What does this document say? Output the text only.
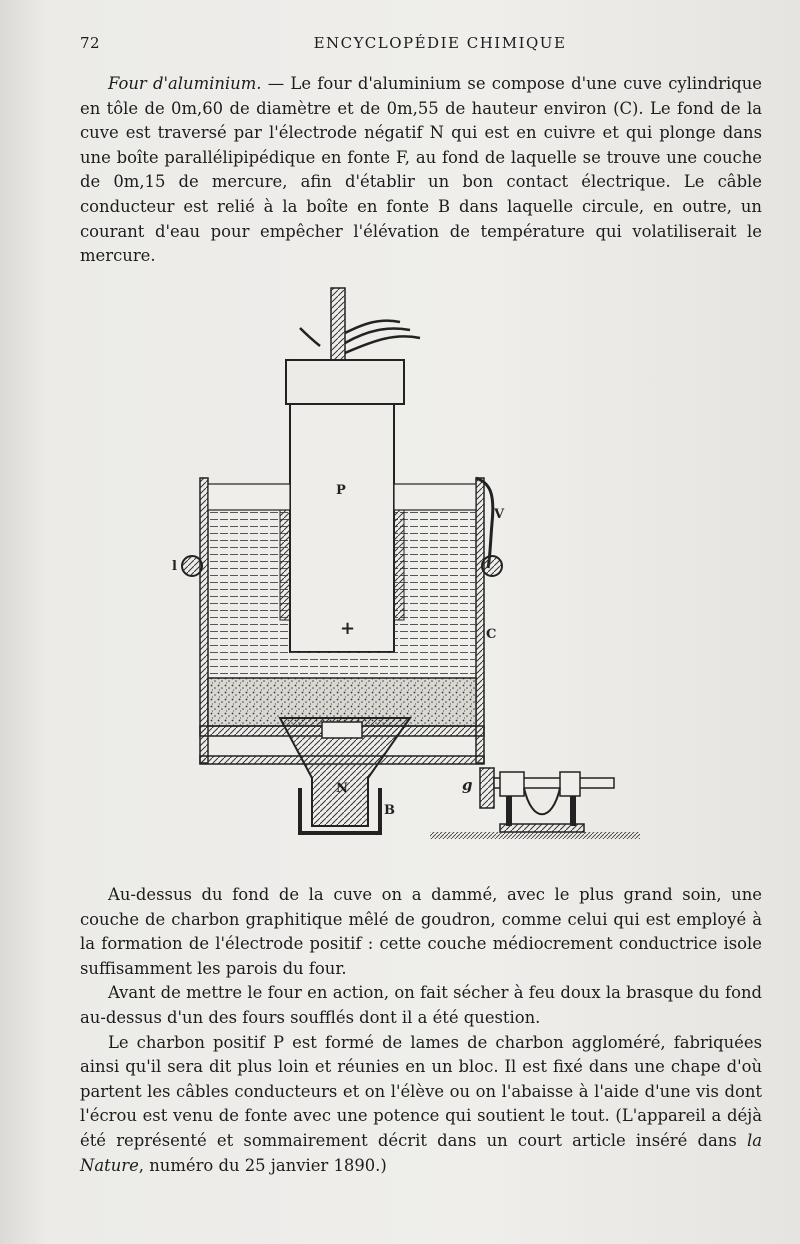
72	ENCYCLOPÉDIE CHIMIQUE

Four d'aluminium. — Le four d'aluminium se compose d'une cuve cylindrique en tôle de 0m,60 de diamètre et de 0m,55 de hauteur environ (C). Le fond de la cuve est traversé par l'électrode négatif N qui est en cuivre et qui plonge dans une boîte parallélipipédique en fonte F, au fond de laquelle se trouve une couche de 0m,15 de mercure, afin d'établir un bon contact électrique. Le câble conducteur est relié à la boîte en fonte B dans laquelle circule, en outre, un courant d'eau pour empêcher l'élévation de température qui volatiliserait le mercure.

P
V
l
+	C
N
B
g

Au-dessus du fond de la cuve on a dammé, avec le plus grand soin, une couche de charbon graphitique mêlé de goudron, comme celui qui est employé à la formation de l'électrode positif : cette couche médiocrement conductrice isole suffisamment les parois du four.

Avant de mettre le four en action, on fait sécher à feu doux la brasque du fond au-dessus d'un des fours soufflés dont il a été question.

Le charbon positif P est formé de lames de charbon aggloméré, fabriquées ainsi qu'il sera dit plus loin et réunies en un bloc. Il est fixé dans une chape d'où partent les câbles conducteurs et on l'élève ou on l'abaisse à l'aide d'une vis dont l'écrou est venu de fonte avec une potence qui soutient le tout. (L'appareil a déjà été représenté et sommairement décrit dans un court article inséré dans la Nature, numéro du 25 janvier 1890.)
